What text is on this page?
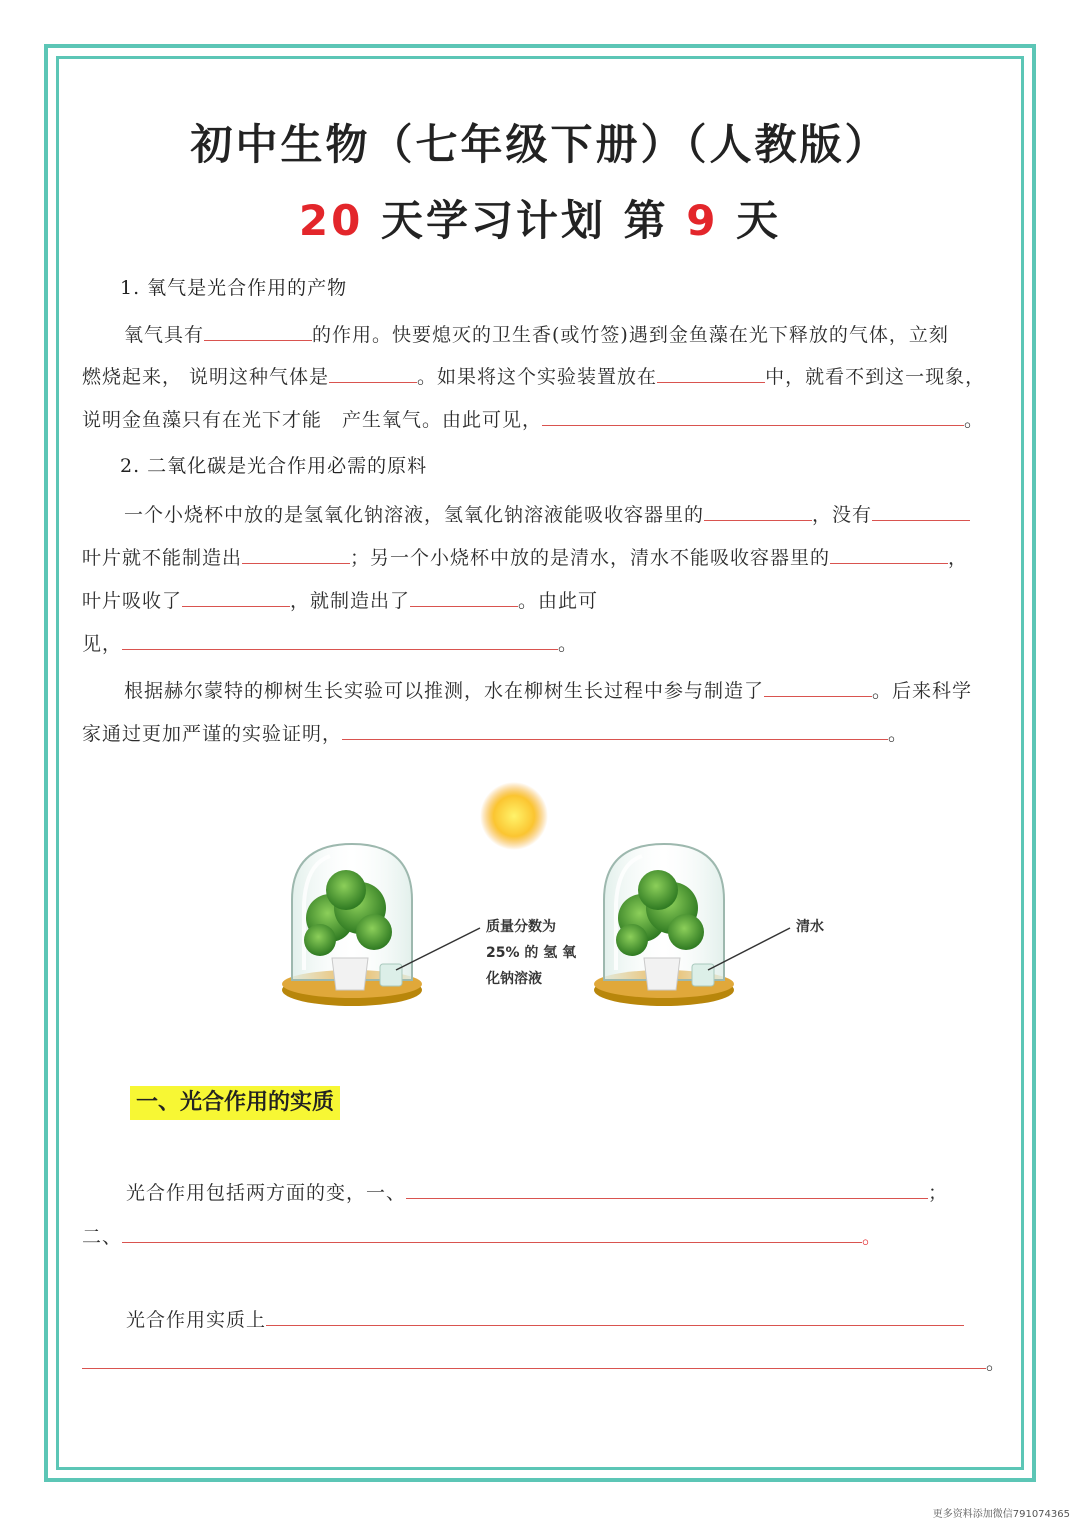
初中生物（七年级下册）（人教版）
20 天学习计划 第 9 天
1. 氧气是光合作用的产物
氧气具有	的作用。快要熄灭的卫生香(或竹签)遇到金鱼藻在光下释放的气体，立刻
燃烧起来， 说明这种气体是	。如果将这个实验装置放在	中，就看不到这一现象，
说明金鱼藻只有在光下才能　产生氧气。由此可见，	。
2. 二氧化碳是光合作用必需的原料
一个小烧杯中放的是氢氧化钠溶液，氢氧化钠溶液能吸收容器里的	，没有
叶片就不能制造出	；另一个小烧杯中放的是清水，清水不能吸收容器里的	，
叶片吸收了	，就制造出了	。由此可
见，	。
根据赫尔蒙特的柳树生长实验可以推测，水在柳树生长过程中参与制造了	。后来科学
家通过更加严谨的实验证明，	。
质量分数为
25% 的 氢 氧
化钠溶液
清水
一、光合作用的实质
光合作用包括两方面的变，一、	；
二、	。
光合作用实质上
。
更多资料添加微信791074365
